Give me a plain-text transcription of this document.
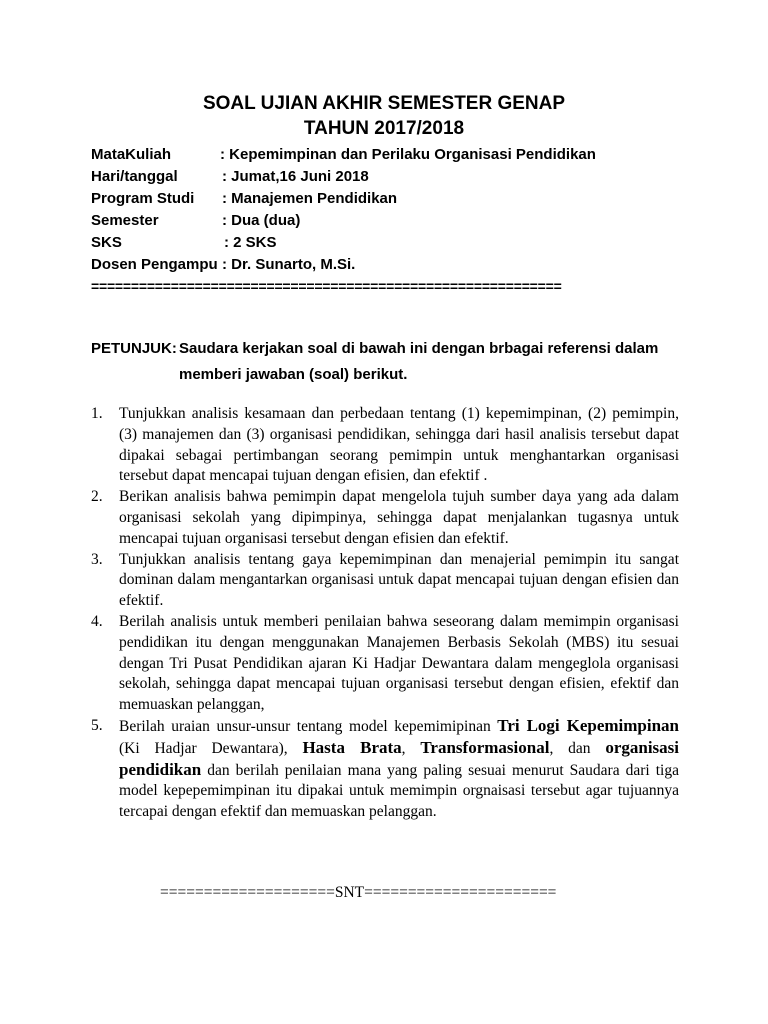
SOAL UJIAN AKHIR SEMESTER GENAP
TAHUN 2017/2018
MataKuliah	: Kepemimpinan dan Perilaku Organisasi Pendidikan
Hari/tanggal	: Jumat,16 Juni 2018
Program Studi : Manajemen Pendidikan
Semester	: Dua (dua)
SKS	: 2 SKS
Dosen Pengampu : Dr. Sunarto, M.Si.
===========================================================
PETUNJUK: Saudara kerjakan soal di bawah ini dengan brbagai referensi dalam
memberi jawaban (soal) berikut.
1. Tunjukkan analisis kesamaan dan perbedaan tentang (1) kepemimpinan, (2) pemimpin, (3) manajemen dan (3) organisasi pendidikan, sehingga dari hasil analisis tersebut dapat dipakai sebagai pertimbangan seorang pemimpin untuk menghantarkan organisasi tersebut dapat mencapai tujuan dengan efisien, dan efektif .
2. Berikan analisis bahwa pemimpin dapat mengelola tujuh sumber daya yang ada dalam organisasi sekolah yang dipimpinya, sehingga dapat menjalankan tugasnya untuk mencapai tujuan organisasi tersebut dengan efisien dan efektif.
3. Tunjukkan analisis tentang gaya kepemimpinan dan menajerial pemimpin itu sangat dominan dalam mengantarkan organisasi untuk dapat mencapai tujuan dengan efisien dan efektif.
4. Berilah analisis untuk memberi penilaian bahwa seseorang dalam memimpin organisasi pendidikan itu dengan menggunakan Manajemen Berbasis Sekolah (MBS) itu sesuai dengan Tri Pusat Pendidikan ajaran Ki Hadjar Dewantara dalam mengeglola organisasi sekolah, sehingga dapat mencapai tujuan organisasi tersebut dengan efisien, efektif dan memuaskan pelanggan,
5. Berilah uraian unsur-unsur tentang model kepemimipinan Tri Logi Kepemimpinan (Ki Hadjar Dewantara), Hasta Brata, Transformasional, dan organisasi pendidikan dan berilah penilaian mana yang paling sesuai menurut Saudara dari tiga model kepepemimpinan itu dipakai untuk memimpin orgnaisasi tersebut agar tujuannya tercapai dengan efektif dan memuaskan pelanggan.
====================SNT======================
